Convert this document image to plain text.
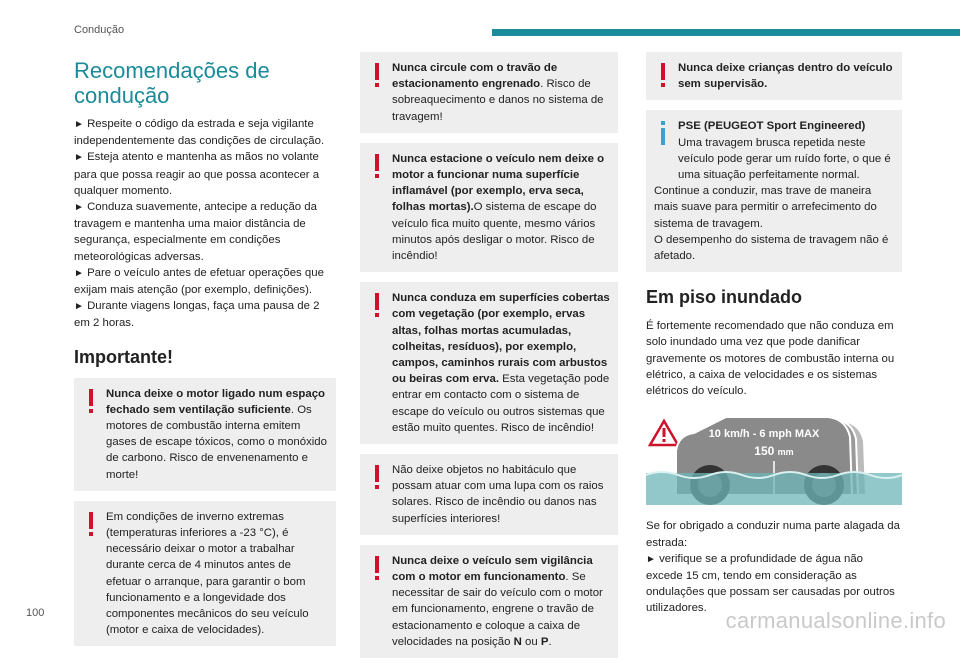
Condução
Recomendações de condução

► Respeite o código da estrada e seja vigilante independentemente das condições de circulação.
► Esteja atento e mantenha as mãos no volante para que possa reagir ao que possa acontecer a qualquer momento.
► Conduza suavemente, antecipe a redução da travagem e mantenha uma maior distância de segurança, especialmente em condições meteorológicas adversas.
► Pare o veículo antes de efetuar operações que exijam mais atenção (por exemplo, definições).
► Durante viagens longas, faça uma pausa de 2 em 2 horas.

Importante!
Nunca deixe o motor ligado num espaço fechado sem ventilação suficiente. Os motores de combustão interna emitem gases de escape tóxicos, como o monóxido de carbono. Risco de envenenamento e morte!
Em condições de inverno extremas (temperaturas inferiores a -23 °C), é necessário deixar o motor a trabalhar durante cerca de 4 minutos antes de efetuar o arranque, para garantir o bom funcionamento e a longevidade dos componentes mecânicos do seu veículo (motor e caixa de velocidades).
Nunca circule com o travão de estacionamento engrenado. Risco de sobreaquecimento e danos no sistema de travagem!
Nunca estacione o veículo nem deixe o motor a funcionar numa superfície inflamável (por exemplo, erva seca, folhas mortas).O sistema de escape do veículo fica muito quente, mesmo vários minutos após desligar o motor. Risco de incêndio!
Nunca conduza em superfícies cobertas com vegetação (por exemplo, ervas altas, folhas mortas acumuladas, colheitas, resíduos), por exemplo, campos, caminhos rurais com arbustos ou beiras com erva. Esta vegetação pode entrar em contacto com o sistema de escape do veículo ou outros sistemas que estão muito quentes. Risco de incêndio!
Não deixe objetos no habitáculo que possam atuar com uma lupa com os raios solares. Risco de incêndio ou danos nas superfícies interiores!
Nunca deixe o veículo sem vigilância com o motor em funcionamento. Se necessitar de sair do veículo com o motor em funcionamento, engrene o travão de estacionamento e coloque a caixa de velocidades na posição N ou P.
Nunca deixe crianças dentro do veículo sem supervisão.
PSE (PEUGEOT Sport Engineered)
Uma travagem brusca repetida neste veículo pode gerar um ruído forte, o que é uma situação perfeitamente normal.
Continue a conduzir, mas trave de maneira mais suave para permitir o arrefecimento do sistema de travagem.
O desempenho do sistema de travagem não é afetado.
Em piso inundado

É fortemente recomendado que não conduza em solo inundado uma vez que pode danificar gravemente os motores de combustão interna ou elétrico, a caixa de velocidades e os sistemas elétricos do veículo.

10 km/h - 6 mph MAX
150 mm

Se for obrigado a conduzir numa parte alagada da estrada:
► verifique se a profundidade de água não excede 15 cm, tendo em consideração as ondulações que possam ser causadas por outros utilizadores.

100	carmanualsonline.info
